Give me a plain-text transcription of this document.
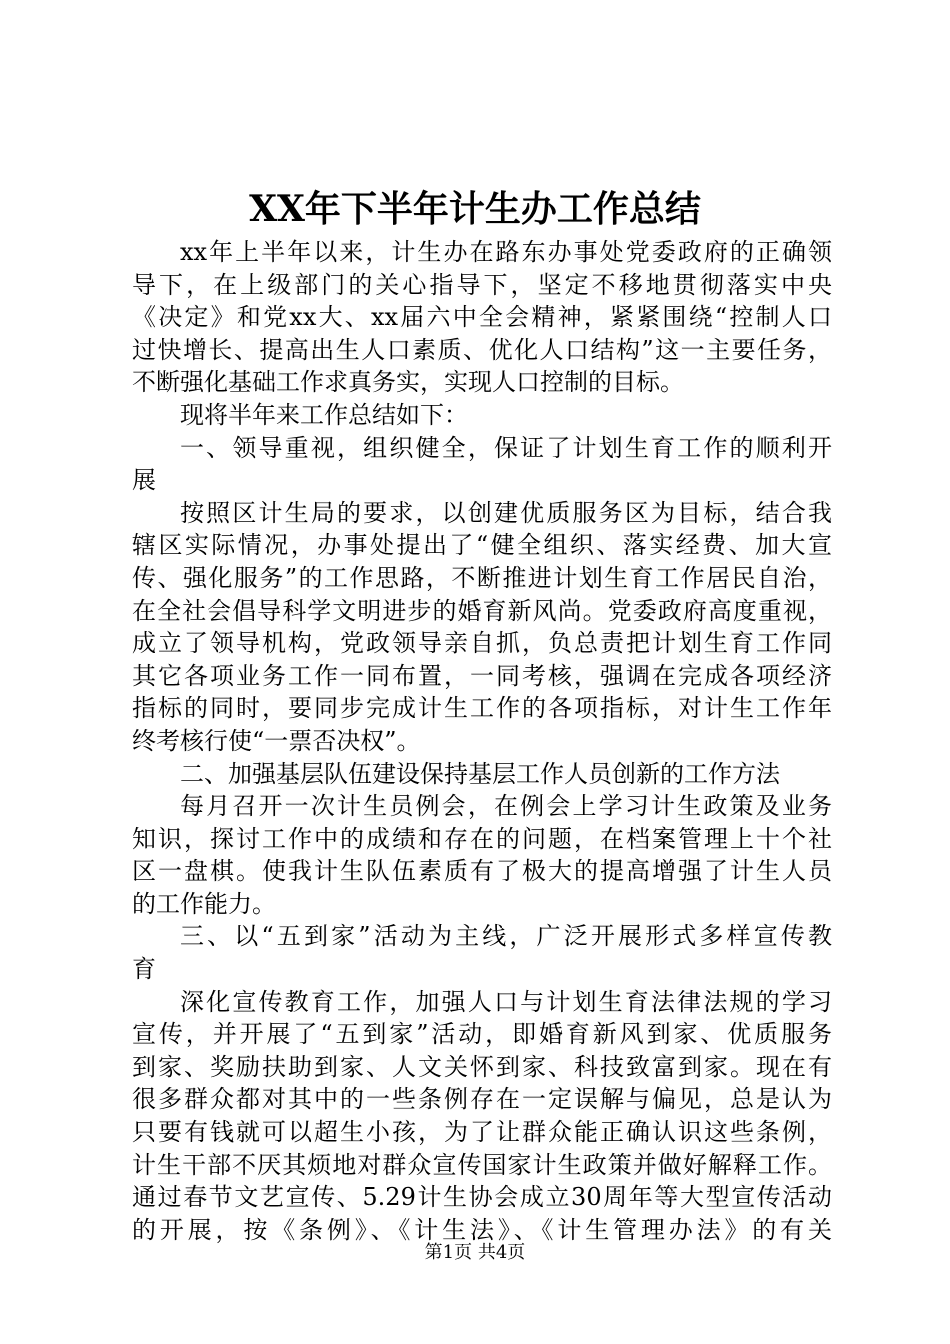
XX年下半年计生办工作总结
xx年上半年以来，计生办在路东办事处党委政府的正确领
导下，在上级部门的关心指导下，坚定不移地贯彻落实中央
《决定》和党xx大、xx届六中全会精神，紧紧围绕“控制人口
过快增长、提高出生人口素质、优化人口结构”这一主要任务，
不断强化基础工作求真务实，实现人口控制的目标。
现将半年来工作总结如下：
一、领导重视，组织健全，保证了计划生育工作的顺利开
展
按照区计生局的要求，以创建优质服务区为目标，结合我
辖区实际情况，办事处提出了“健全组织、落实经费、加大宣
传、强化服务”的工作思路，不断推进计划生育工作居民自治，
在全社会倡导科学文明进步的婚育新风尚。党委政府高度重视，
成立了领导机构，党政领导亲自抓，负总责把计划生育工作同
其它各项业务工作一同布置，一同考核，强调在完成各项经济
指标的同时，要同步完成计生工作的各项指标，对计生工作年
终考核行使“一票否决权”。
二、加强基层队伍建设保持基层工作人员创新的工作方法
每月召开一次计生员例会，在例会上学习计生政策及业务
知识，探讨工作中的成绩和存在的问题，在档案管理上十个社
区一盘棋。使我计生队伍素质有了极大的提高增强了计生人员
的工作能力。
三、以“五到家”活动为主线，广泛开展形式多样宣传教
育
深化宣传教育工作，加强人口与计划生育法律法规的学习
宣传，并开展了“五到家”活动，即婚育新风到家、优质服务
到家、奖励扶助到家、人文关怀到家、科技致富到家。现在有
很多群众都对其中的一些条例存在一定误解与偏见，总是认为
只要有钱就可以超生小孩，为了让群众能正确认识这些条例，
计生干部不厌其烦地对群众宣传国家计生政策并做好解释工作。
通过春节文艺宣传、5.29计生协会成立30周年等大型宣传活动
的开展，按《条例》、《计生法》、《计生管理办法》的有关
第1页 共4页
